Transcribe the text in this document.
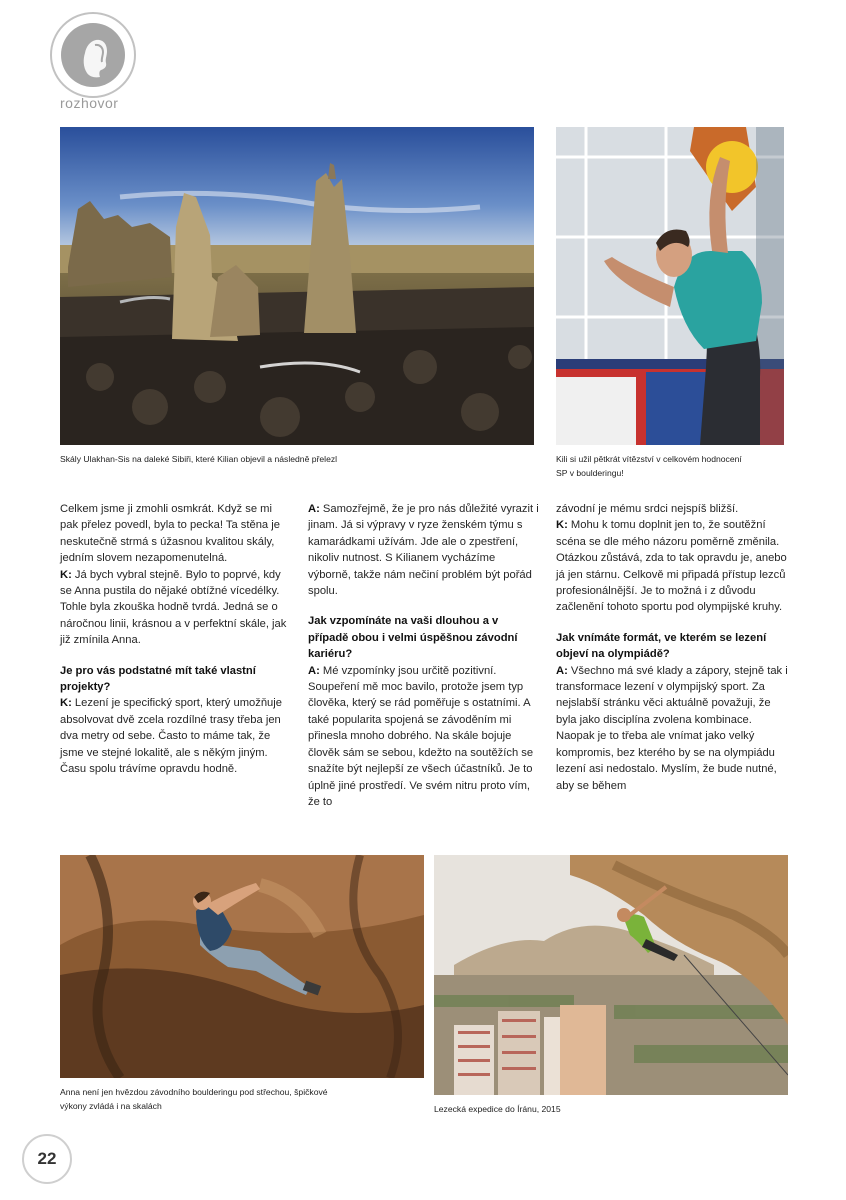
rozhovor
Skály Ulakhan-Sis na daleké Sibiři, které Kilian objevil a následně přelezl	Kili si užil pětkrát vítězství v celkovém hodnocení
SP v boulderingu!

Celkem jsme ji zmohli osmkrát. Když se mi pak přelez povedl, byla to pecka! Ta stěna je neskutečně strmá s úžasnou kvalitou skály, jedním slovem nezapomenutelná.

K: Já bych vybral stejně. Bylo to poprvé, kdy se Anna pustila do nějaké obtížné vícedélky. Tohle byla zkouška hodně tvrdá. Jedná se o náročnou linii, krásnou a v perfektní skále, jak již zmínila Anna.

Je pro vás podstatné mít také vlastní projekty?

K: Lezení je specifický sport, který umožňuje absolvovat dvě zcela rozdílné trasy třeba jen dva metry od sebe. Často to máme tak, že jsme ve stejné lokalitě, ale s někým jiným. Času spolu trávíme opravdu hodně.

A: Samozřejmě, že je pro nás důležité vyrazit i jinam. Já si výpravy v ryze ženském týmu s kamarádkami užívám. Jde ale o zpestření, nikoliv nutnost. S Kilianem vycházíme výborně, takže nám nečiní problém být pořád spolu.

Jak vzpomínáte na vaši dlouhou a v případě obou i velmi úspěšnou závodní kariéru?

A: Mé vzpomínky jsou určitě pozitivní. Soupeření mě moc bavilo, protože jsem typ člověka, který se rád poměřuje s ostatními. A také popularita spojená se závoděním mi přinesla mnoho dobrého. Na skále bojuje člověk sám se sebou, kdežto na soutěžích se snažíte být nejlepší ze všech účastníků. Je to úplně jiné prostředí. Ve svém nitru proto vím, že to

závodní je mému srdci nejspíš bližší.

K: Mohu k tomu doplnit jen to, že soutěžní scéna se dle mého názoru poměrně změnila. Otázkou zůstává, zda to tak opravdu je, anebo já jen stárnu. Celkově mi připadá přístup lezců profesionálnější. Je to možná i z důvodu začlenění tohoto sportu pod olympijské kruhy.

Jak vnímáte formát, ve kterém se lezení objeví na olympiádě?

A: Všechno má své klady a zápory, stejně tak i transformace lezení v olympijský sport. Za nejslabší stránku věci aktuálně považuji, že byla jako disciplína zvolena kombinace. Naopak je to třeba ale vnímat jako velký kompromis, bez kterého by se na olympiádu lezení asi nedostalo. Myslím, že bude nutné, aby se během

Anna není jen hvězdou závodního boulderingu pod střechou, špičkové
výkony zvládá i na skalách	Lezecká expedice do Íránu, 2015
22
